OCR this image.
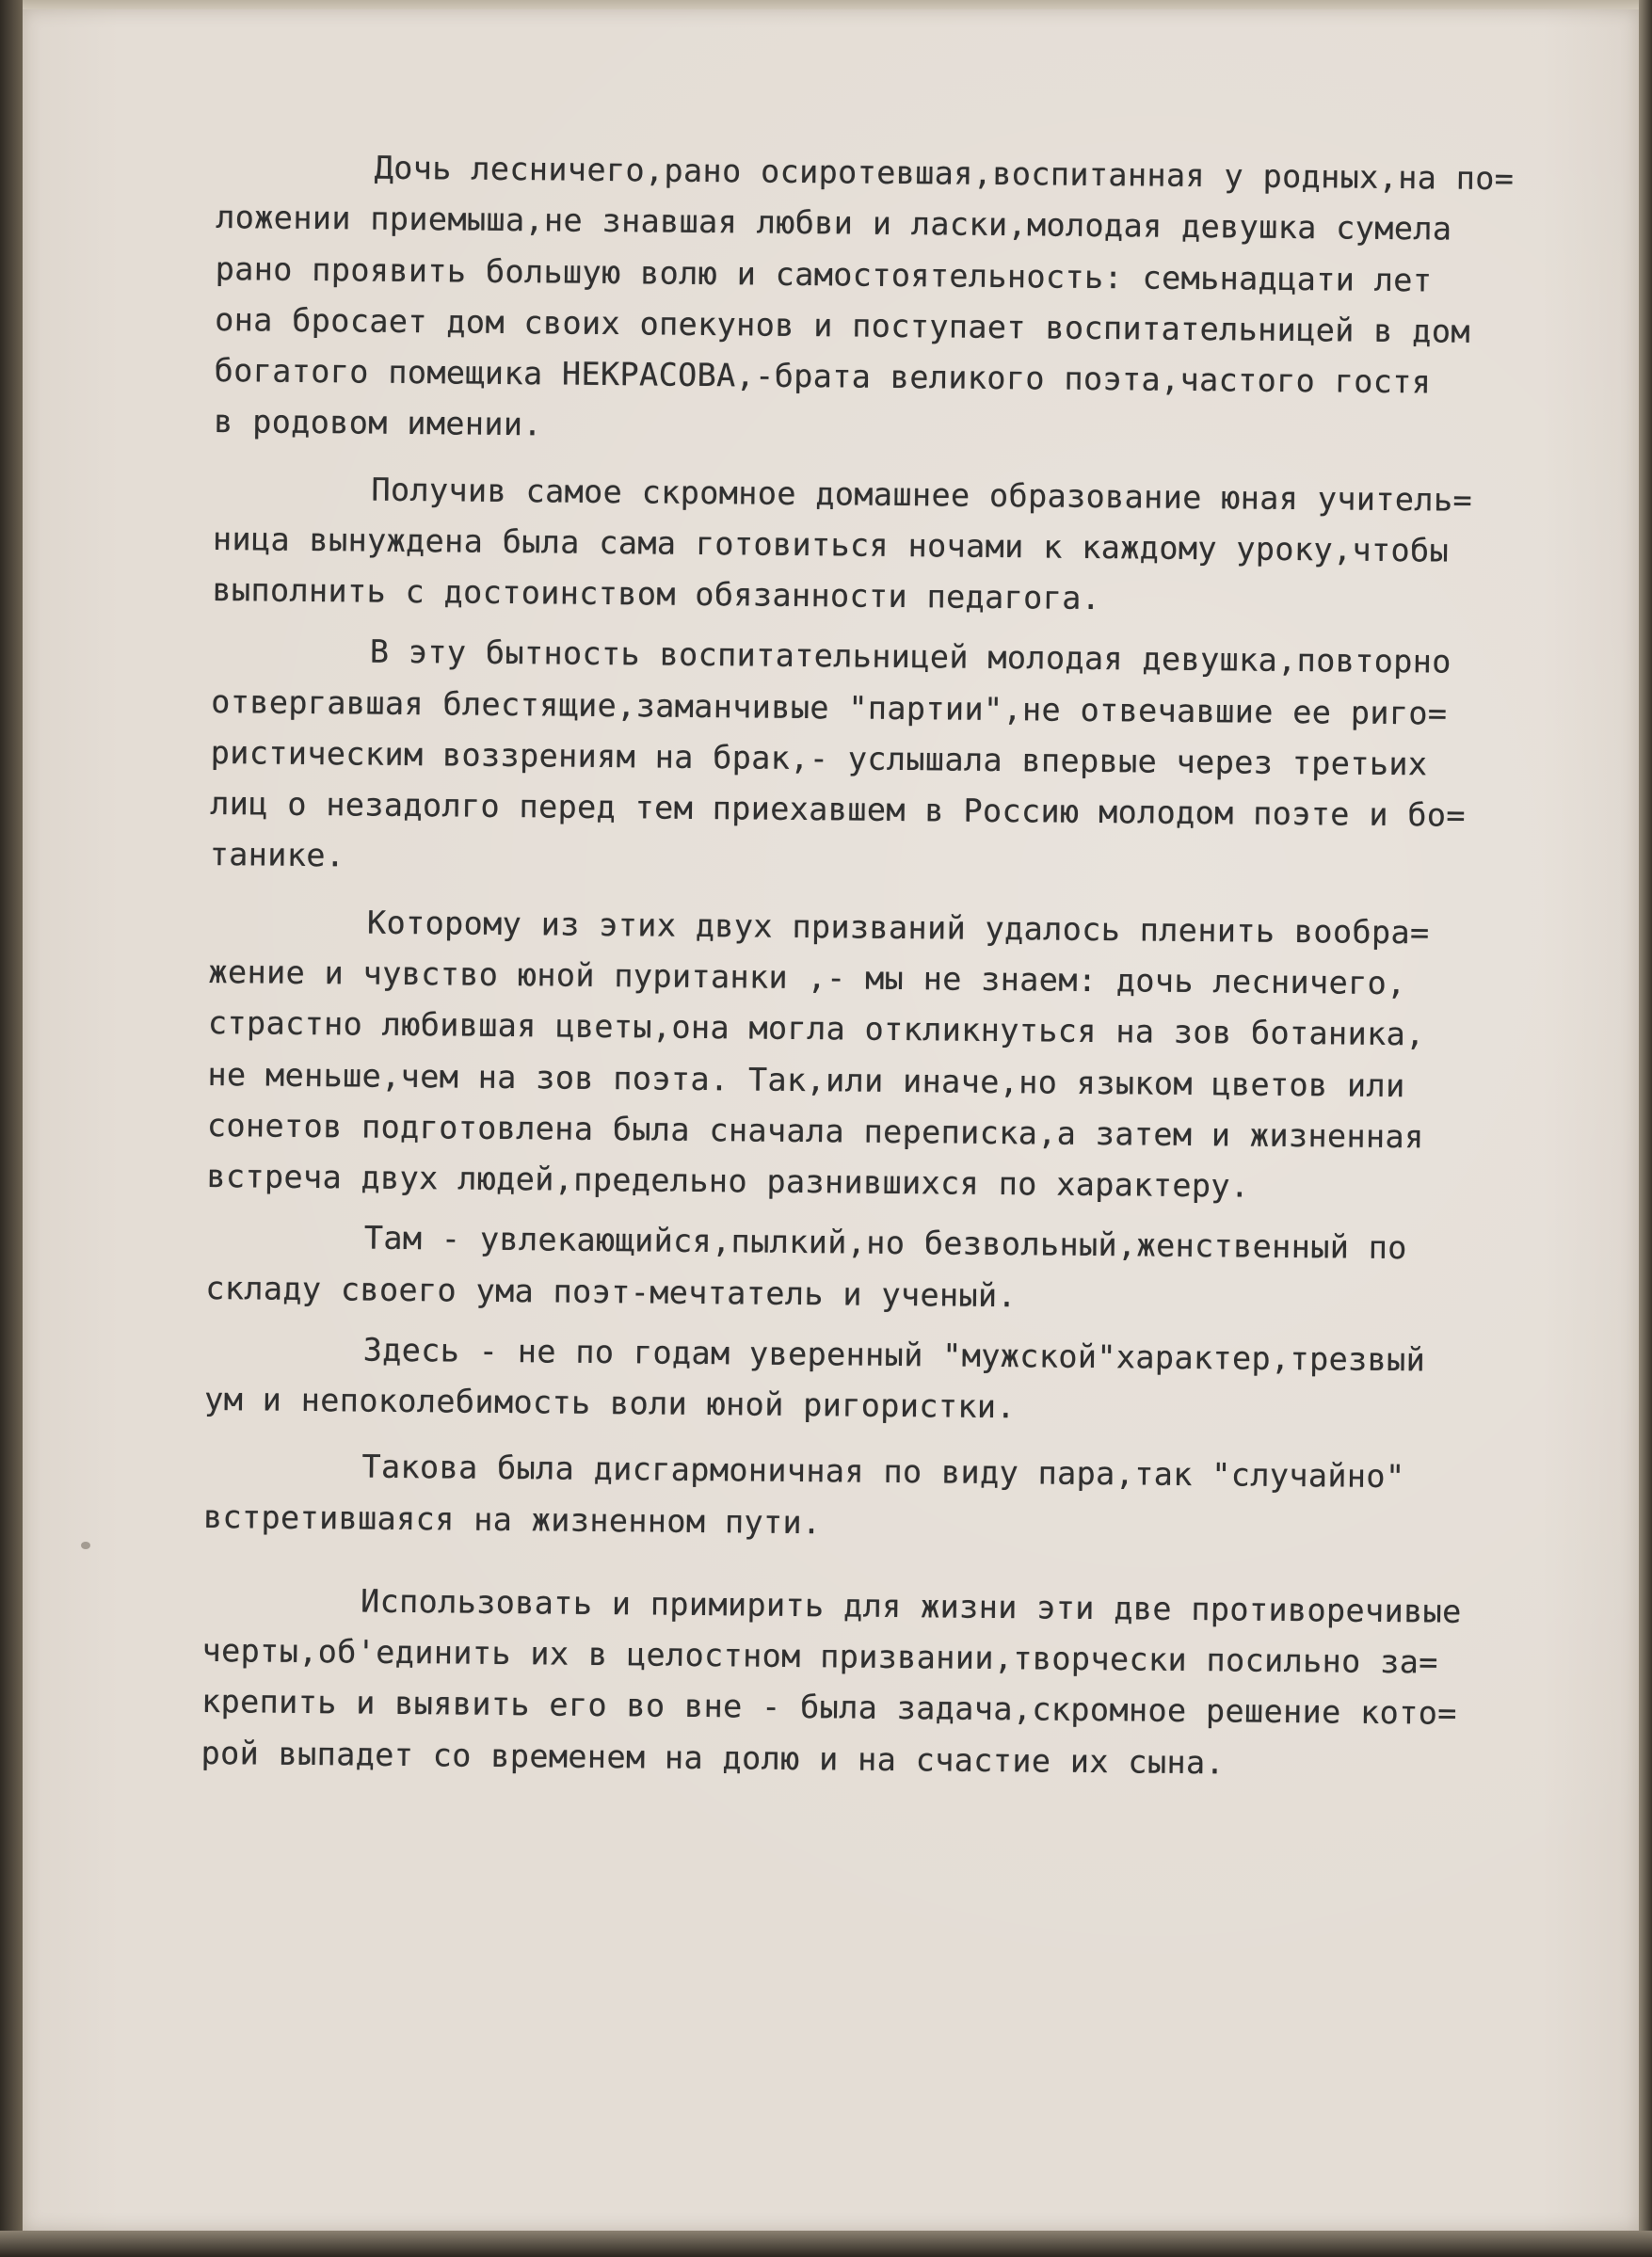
Дочь лесничего,рано осиротевшая,воспитанная у родных,на по=
ложении приемыша,не знавшая любви и ласки,молодая девушка сумела
рано проявить большую волю и самостоятельность: семьнадцати лет
она бросает дом своих опекунов и поступает воспитательницей в дом
богатого помещика НЕКРАСОВА,-брата великого поэта,частого гостя
в родовом имении.

Получив самое скромное домашнее образование юная учитель=
ница вынуждена была сама готовиться ночами к каждому уроку,чтобы
выполнить с достоинством обязанности педагога.

В эту бытность воспитательницей молодая девушка,повторно
отвергавшая блестящие,заманчивые "партии",не отвечавшие ее риго=
ристическим воззрениям на брак,- услышала впервые через третьих
лиц о незадолго перед тем приехавшем в Россию молодом поэте и бо=
танике.

Которому из этих двух призваний удалось пленить вообра=
жение и чувство юной пуританки ,- мы не знаем: дочь лесничего,
страстно любившая цветы,она могла откликнуться на зов ботаника,
не меньше,чем на зов поэта. Так,или иначе,но языком цветов или
сонетов подготовлена была сначала переписка,а затем и жизненная
встреча двух людей,предельно разнившихся по характеру.

Там - увлекающийся,пылкий,но безвольный,женственный по
складу своего ума поэт-мечтатель и ученый.

Здесь - не по годам уверенный "мужской"характер,трезвый
ум и непоколебимость воли юной ригористки.

Такова была дисгармоничная по виду пара,так "случайно"
встретившаяся на жизненном пути.

Использовать и примирить для жизни эти две противоречивые
черты,об'единить их в целостном призвании,творчески посильно за=
крепить и выявить его во вне - была задача,скромное решение кото=
рой выпадет со временем на долю и на счастие их сына.
